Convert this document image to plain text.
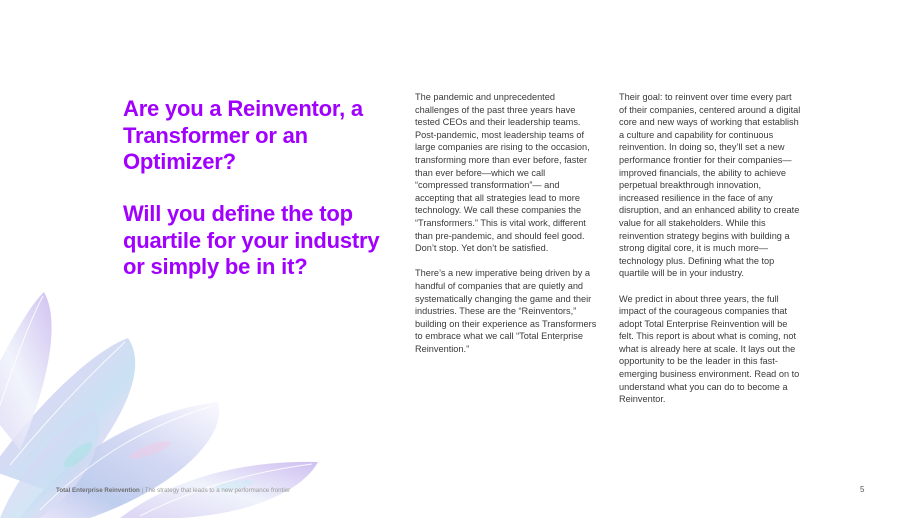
Are you a Reinventor, a Transformer or an Optimizer?
Will you define the top quartile for your industry or simply be in it?

The pandemic and unprecedented challenges of the past three years have tested CEOs and their leadership teams. Post-pandemic, most leadership teams of large companies are rising to the occasion, transforming more than ever before, faster than ever before—which we call “compressed transformation”— and accepting that all strategies lead to more technology. We call these companies the “Transformers.” This is vital work, different than pre-pandemic, and should feel good. Don’t stop. Yet don’t be satisfied.

There’s a new imperative being driven by a handful of companies that are quietly and systematically changing the game and their industries. These are the “Reinventors,” building on their experience as Transformers to embrace what we call “Total Enterprise Reinvention.”

Their goal: to reinvent over time every part of their companies, centered around a digital core and new ways of working that establish a culture and capability for continuous reinvention. In doing so, they’ll set a new performance frontier for their companies—improved financials, the ability to achieve perpetual breakthrough innovation, increased resilience in the face of any disruption, and an enhanced ability to create value for all stakeholders. While this reinvention strategy begins with building a strong digital core, it is much more—technology plus. Defining what the top quartile will be in your industry.

We predict in about three years, the full impact of the courageous companies that adopt Total Enterprise Reinvention will be felt. This report is about what is coming, not what is already here at scale. It lays out the opportunity to be the leader in this fast-emerging business environment. Read on to understand what you can do to become a Reinventor.

Total Enterprise Reinvention | The strategy that leads to a new performance frontier	5
